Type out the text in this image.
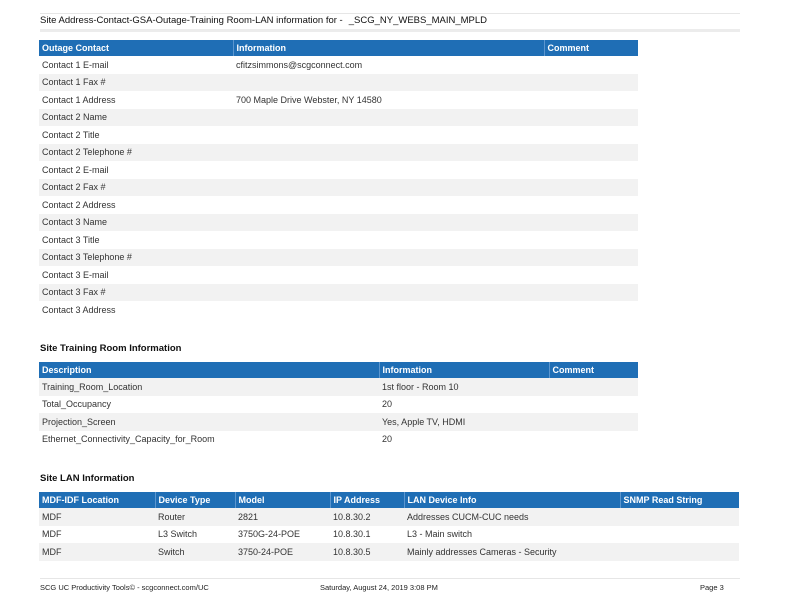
Site Address-Contact-GSA-Outage-Training Room-LAN information for - _SCG_NY_WEBS_MAIN_MPLD
Outage Contact	Information	Comment
Contact 1 E-mail	cfitzsimmons@scgconnect.com	
Contact 1 Fax #		
Contact 1 Address	700 Maple Drive Webster, NY 14580	
Contact 2 Name		
Contact 2 Title		
Contact 2 Telephone #		
Contact 2 E-mail		
Contact 2 Fax #		
Contact 2 Address		
Contact 3 Name		
Contact 3 Title		
Contact 3 Telephone #		
Contact 3 E-mail		
Contact 3 Fax #		
Contact 3 Address		
Site Training Room Information
Description	Information	Comment
Training_Room_Location	1st floor - Room 10	
Total_Occupancy	20	
Projection_Screen	Yes, Apple TV, HDMI	
Ethernet_Connectivity_Capacity_for_Room	20	
Site LAN Information
MDF-IDF Location	Device Type	Model	IP Address	LAN Device Info	SNMP Read String
MDF	Router	2821	10.8.30.2	Addresses CUCM-CUC needs	
MDF	L3 Switch	3750G-24-POE	10.8.30.1	L3 - Main switch	
MDF	Switch	3750-24-POE	10.8.30.5	Mainly addresses Cameras - Security	
SCG UC Productivity Tools© - scgconnect.com/UC	Saturday, August 24, 2019 3:08 PM	Page 3
